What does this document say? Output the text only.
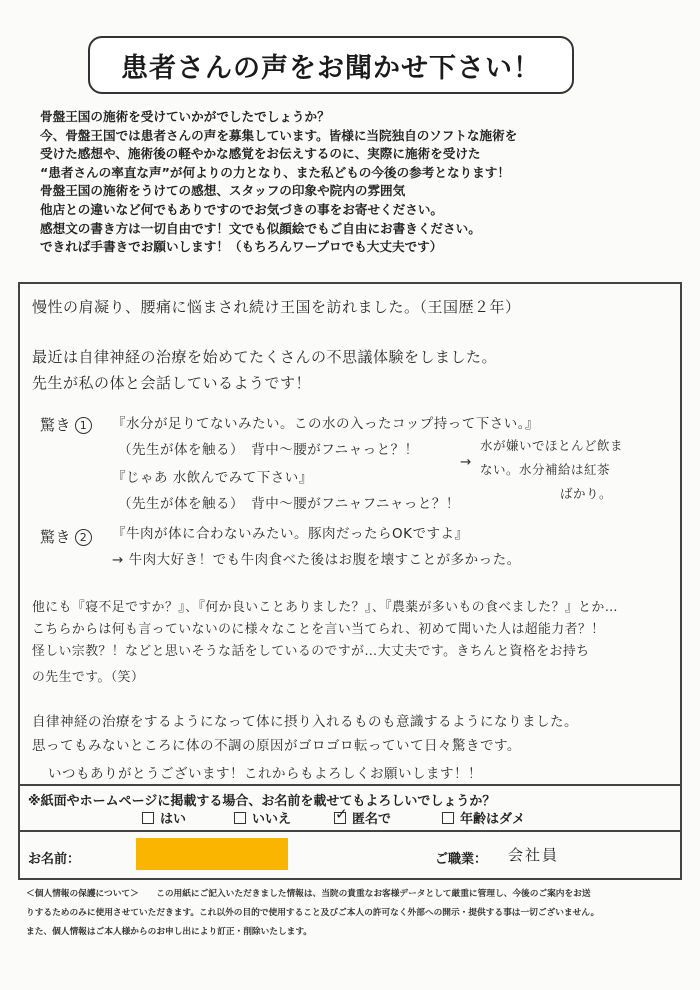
患者さんの声をお聞かせ下さい！
骨盤王国の施術を受けていかがでしたでしょうか？
今、骨盤王国では患者さんの声を募集しています。皆様に当院独自のソフトな施術を
受けた感想や、施術後の軽やかな感覚をお伝えするのに、実際に施術を受けた
“患者さんの率直な声”が何よりの力となり、また私どもの今後の参考となります！
骨盤王国の施術をうけての感想、スタッフの印象や院内の雰囲気
他店との違いなど何でもありですのでお気づきの事をお寄せください。
感想文の書き方は一切自由です！文でも似顔絵でもご自由にお書きください。
できれば手書きでお願いします！（もちろんワープロでも大丈夫です）
慢性の肩凝り、腰痛に悩まされ続け王国を訪れました。（王国歴２年）
最近は自律神経の治療を始めてたくさんの不思議体験をしました。
先生が私の体と会話しているようです！
驚き 1	『水分が足りてないみたい。この水の入ったコップ持って下さい。』
（先生が体を触る）　背中〜腰がフニャっと？！
『じゃあ 水飲んでみて下さい』
（先生が体を触る）　背中〜腰がフニャフニャっと？！
→
水が嫌いでほとんど飲ま
ない。水分補給は紅茶
ばかり。
驚き 2	『牛肉が体に合わないみたい。豚肉だったらOKですよ』
→ 牛肉大好き！でも牛肉食べた後はお腹を壊すことが多かった。
他にも『寝不足ですか？』、『何か良いことありました？』、『農薬が多いもの食べました？』とか…
こちらからは何も言っていないのに様々なことを言い当てられ、初めて聞いた人は超能力者？！
怪しい宗教？！などと思いそうな話をしているのですが…大丈夫です。きちんと資格をお持ち
の先生です。（笑）
自律神経の治療をするようになって体に摂り入れるものも意識するようになりました。
思ってもみないところに体の不調の原因がゴロゴロ転っていて日々驚きです。
いつもありがとうございます！これからもよろしくお願いします！！
※紙面やホームページに掲載する場合、お名前を載せてもよろしいでしょうか？
はい	いいえ
✓	匿名で	年齢はダメ
お名前：	ご職業： 会社員
＜個人情報の保護について＞　　この用紙にご記入いただきました情報は、当院の貴重なお客様データとして厳重に管理し、今後のご案内をお送
りするためのみに使用させていただきます。これ以外の目的で使用すること及びご本人の許可なく外部への開示・提供する事は一切ございません。
また、個人情報はご本人様からのお申し出により訂正・削除いたします。
